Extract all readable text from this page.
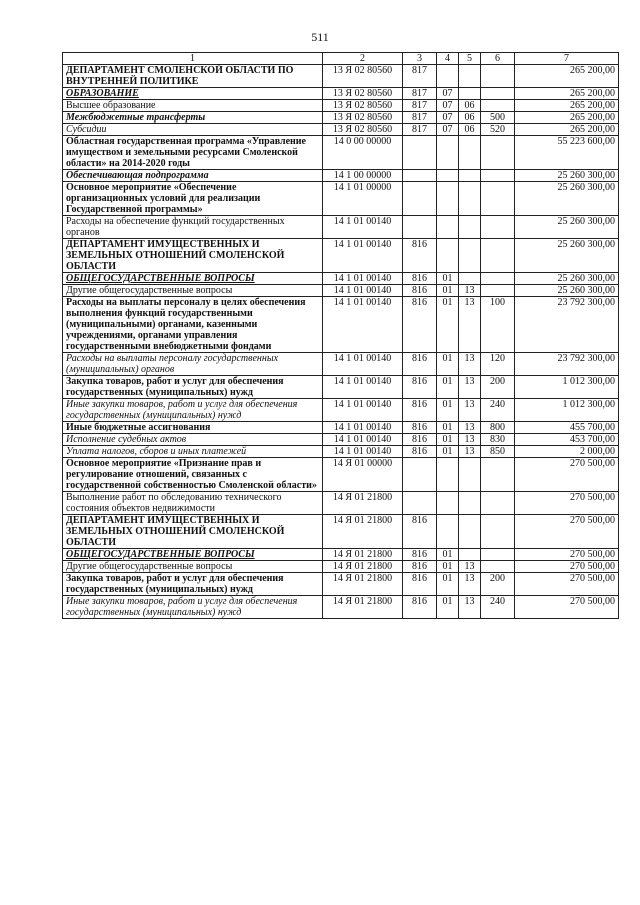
511
1	2	3	4	5	6	7
ДЕПАРТАМЕНТ СМОЛЕНСКОЙ ОБЛАСТИ ПО ВНУТРЕННЕЙ ПОЛИТИКЕ	13 Я 02 80560	817				265 200,00
ОБРАЗОВАНИЕ	13 Я 02 80560	817	07			265 200,00
Высшее образование	13 Я 02 80560	817	07	06		265 200,00
Межбюджетные трансферты	13 Я 02 80560	817	07	06	500	265 200,00
Субсидии	13 Я 02 80560	817	07	06	520	265 200,00
Областная государственная программа «Управление имуществом и земельными ресурсами Смоленской области» на 2014-2020 годы	14 0 00 00000					55 223 600,00
Обеспечивающая подпрограмма	14 1 00 00000					25 260 300,00
Основное мероприятие «Обеспечение организационных условий для реализации Государственной программы»	14 1 01 00000					25 260 300,00
Расходы на обеспечение функций государственных органов	14 1 01 00140					25 260 300,00
ДЕПАРТАМЕНТ ИМУЩЕСТВЕННЫХ И ЗЕМЕЛЬНЫХ ОТНОШЕНИЙ СМОЛЕНСКОЙ ОБЛАСТИ	14 1 01 00140	816				25 260 300,00
ОБЩЕГОСУДАРСТВЕННЫЕ ВОПРОСЫ	14 1 01 00140	816	01			25 260 300,00
Другие общегосударственные вопросы	14 1 01 00140	816	01	13		25 260 300,00
Расходы на выплаты персоналу в целях обеспечения выполнения функций государственными (муниципальными) органами, казенными учреждениями, органами управления государственными внебюджетными фондами	14 1 01 00140	816	01	13	100	23 792 300,00
Расходы на выплаты персоналу государственных (муниципальных) органов	14 1 01 00140	816	01	13	120	23 792 300,00
Закупка товаров, работ и услуг для обеспечения государственных (муниципальных) нужд	14 1 01 00140	816	01	13	200	1 012 300,00
Иные закупки товаров, работ и услуг для обеспечения государственных (муниципальных) нужд	14 1 01 00140	816	01	13	240	1 012 300,00
Иные бюджетные ассигнования	14 1 01 00140	816	01	13	800	455 700,00
Исполнение судебных актов	14 1 01 00140	816	01	13	830	453 700,00
Уплата налогов, сборов и иных платежей	14 1 01 00140	816	01	13	850	2 000,00
Основное мероприятие «Признание прав и регулирование отношений, связанных с государственной собственностью Смоленской области»	14 Я 01 00000					270 500,00
Выполнение работ по обследованию технического состояния объектов недвижимости	14 Я 01 21800					270 500,00
ДЕПАРТАМЕНТ ИМУЩЕСТВЕННЫХ И ЗЕМЕЛЬНЫХ ОТНОШЕНИЙ СМОЛЕНСКОЙ ОБЛАСТИ	14 Я 01 21800	816				270 500,00
ОБЩЕГОСУДАРСТВЕННЫЕ ВОПРОСЫ	14 Я 01 21800	816	01			270 500,00
Другие общегосударственные вопросы	14 Я 01 21800	816	01	13		270 500,00
Закупка товаров, работ и услуг для обеспечения государственных (муниципальных) нужд	14 Я 01 21800	816	01	13	200	270 500,00
Иные закупки товаров, работ и услуг для обеспечения государственных (муниципальных) нужд	14 Я 01 21800	816	01	13	240	270 500,00
